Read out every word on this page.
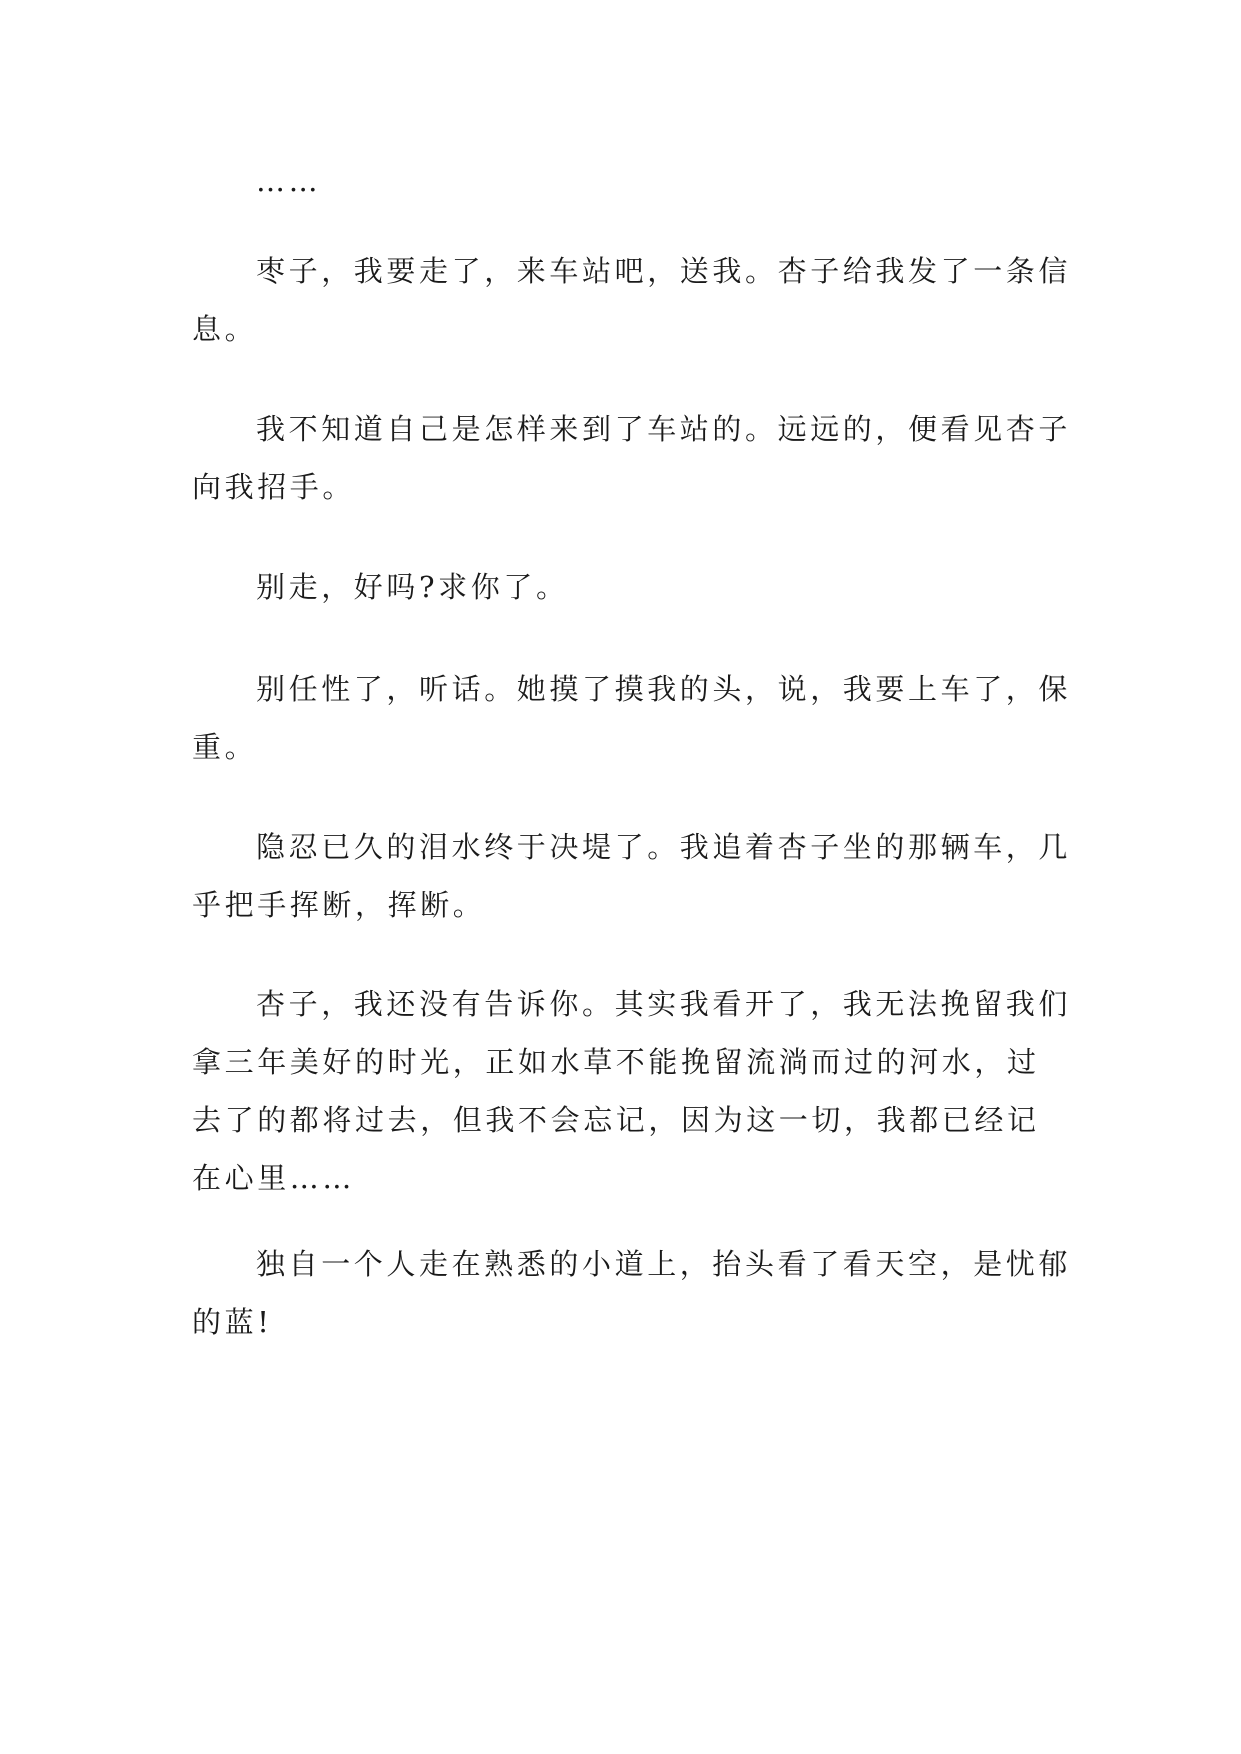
……

枣子，我要走了，来车站吧，送我。杏子给我发了一条信息。

我不知道自己是怎样来到了车站的。远远的，便看见杏子向我招手。

别走，好吗?求你了。

别任性了，听话。她摸了摸我的头，说，我要上车了，保重。

隐忍已久的泪水终于决堤了。我追着杏子坐的那辆车，几乎把手挥断，挥断。

杏子，我还没有告诉你。其实我看开了，我无法挽留我们拿三年美好的时光，正如水草不能挽留流淌而过的河水，过去了的都将过去，但我不会忘记，因为这一切，我都已经记在心里……

独自一个人走在熟悉的小道上，抬头看了看天空，是忧郁的蓝!
